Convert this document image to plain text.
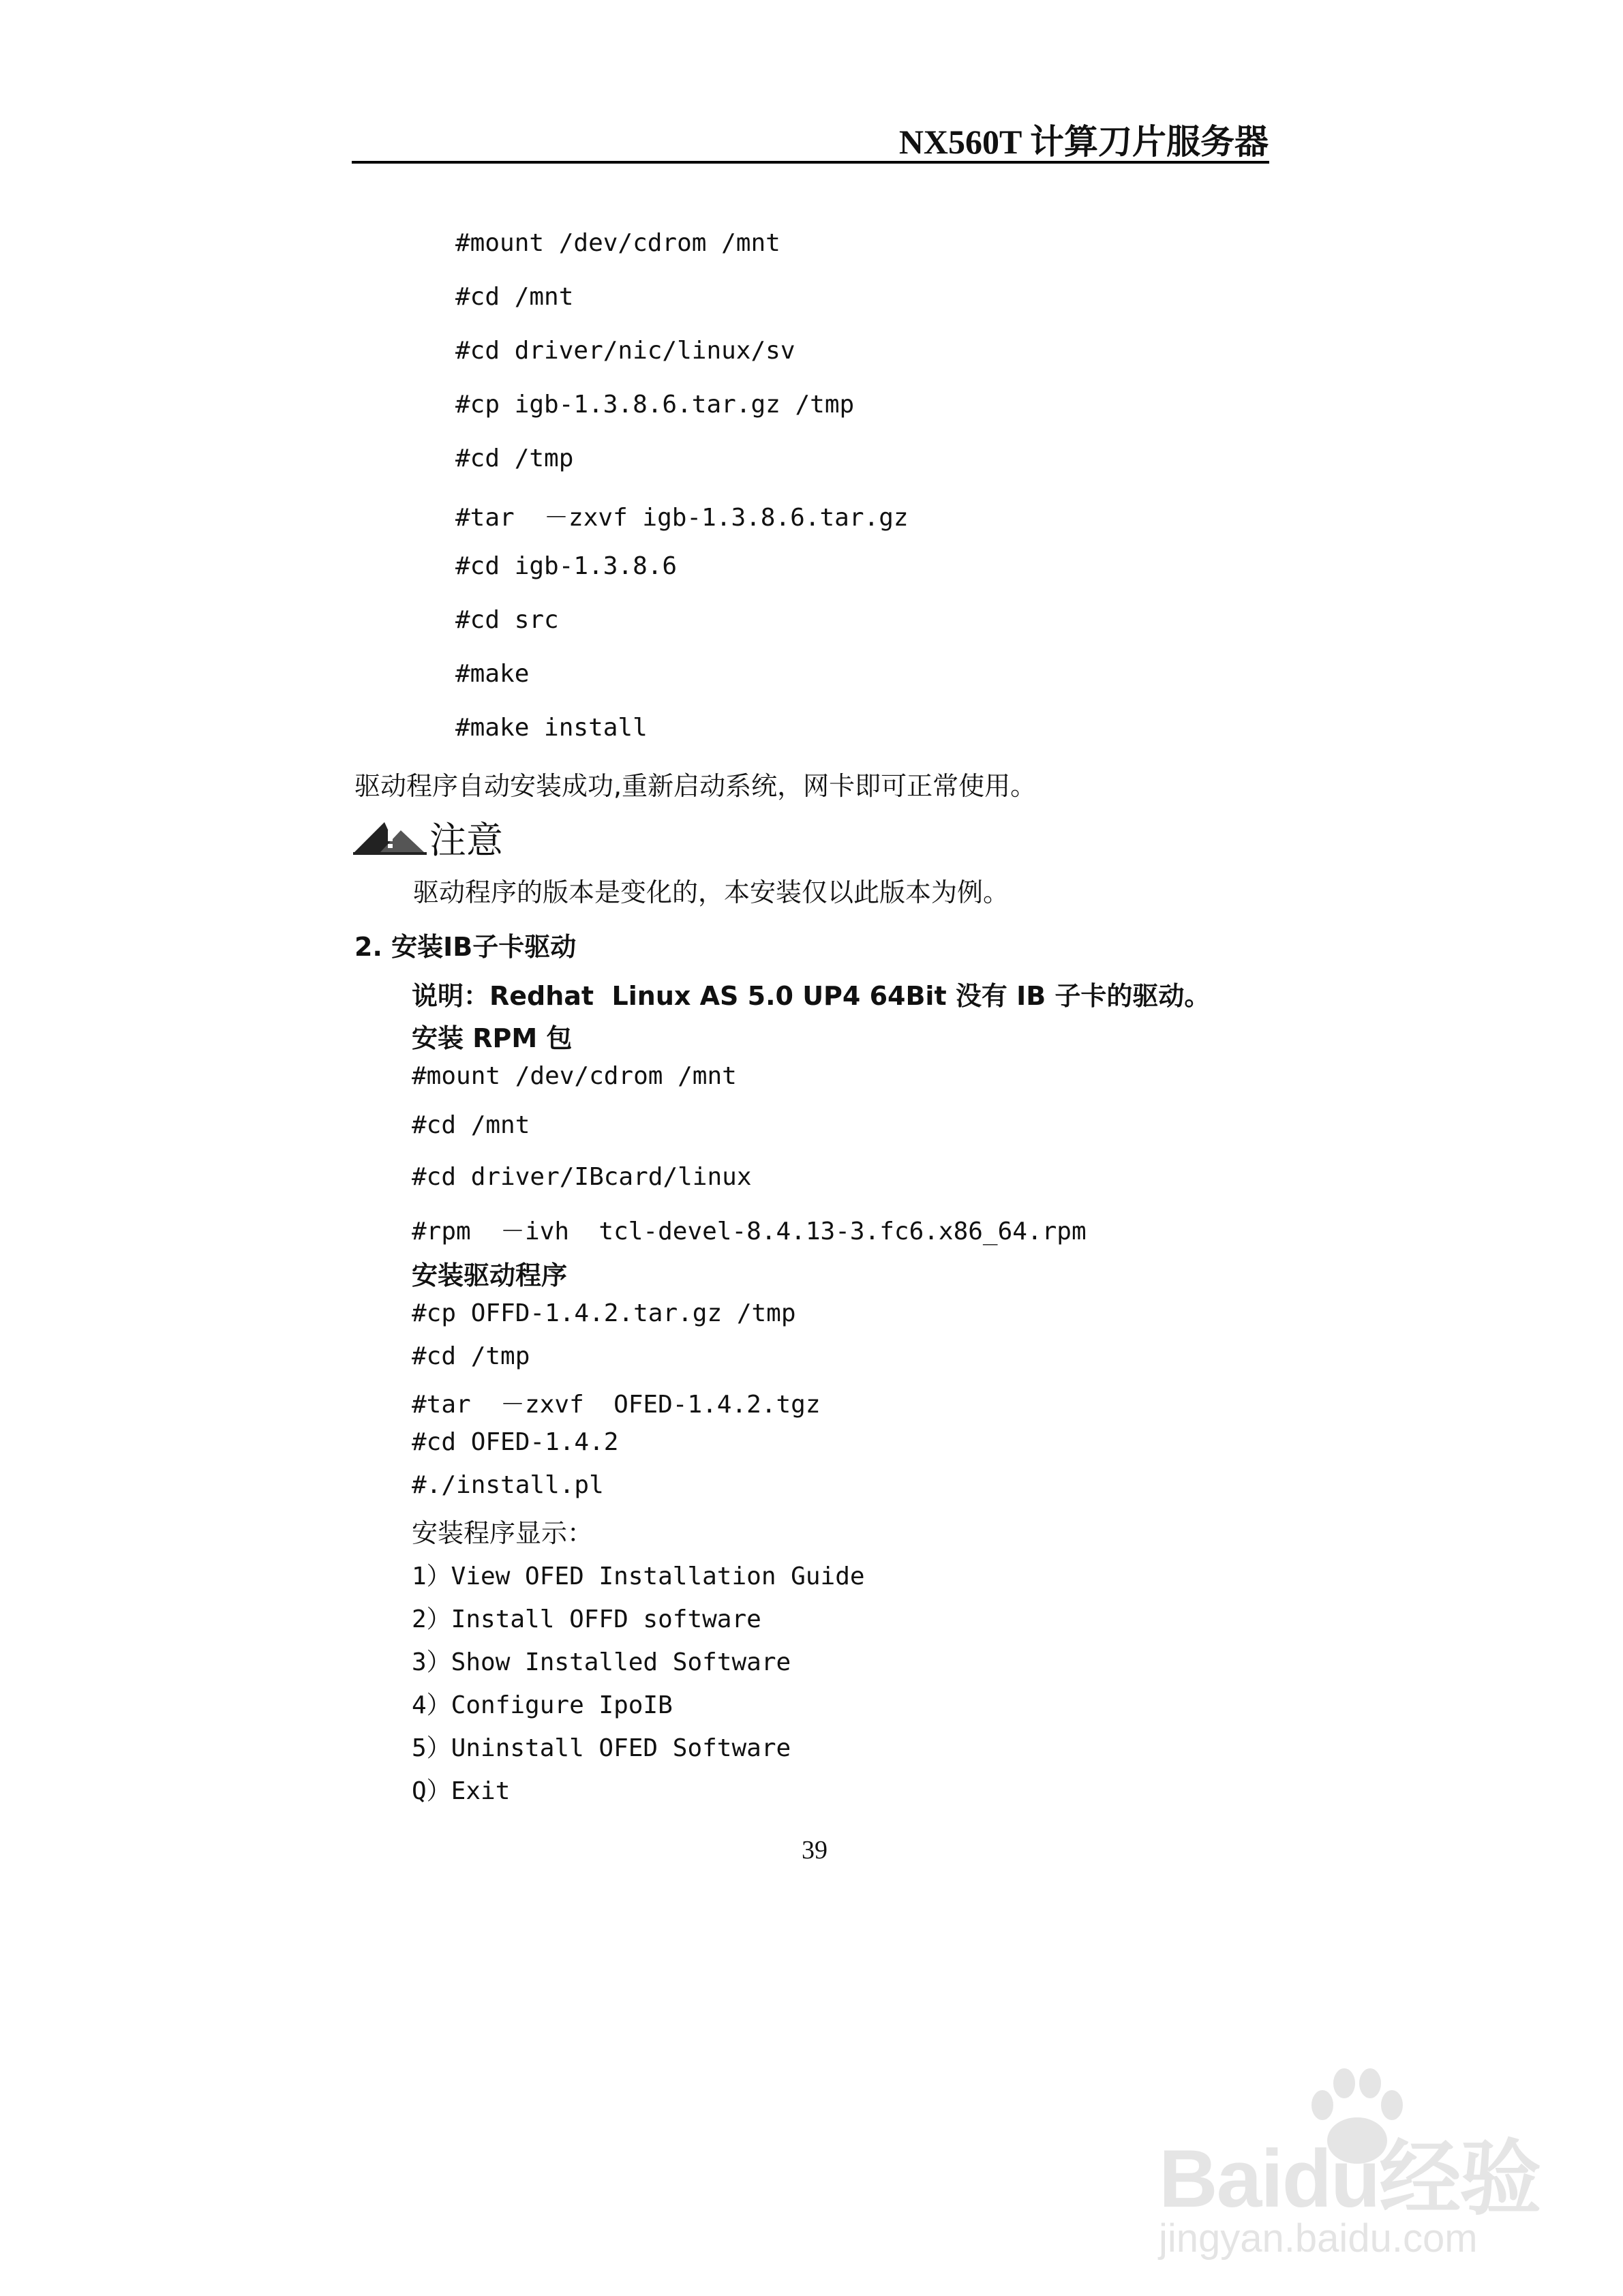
NX560T 计算刀片服务器
#mount /dev/cdrom /mnt
#cd /mnt
#cd driver/nic/linux/sv
#cp igb-1.3.8.6.tar.gz /tmp
#cd /tmp
#tar  －zxvf igb-1.3.8.6.tar.gz
#cd igb-1.3.8.6
#cd src
#make
#make install
驱动程序自动安装成功,重新启动系统，网卡即可正常使用。
注意
驱动程序的版本是变化的，本安装仅以此版本为例。
2. 安装IB子卡驱动
说明：Redhat  Linux AS 5.0 UP4 64Bit 没有 IB 子卡的驱动。
安装 RPM 包
#mount /dev/cdrom /mnt
#cd /mnt
#cd driver/IBcard/linux
#rpm  －ivh  tcl-devel-8.4.13-3.fc6.x86_64.rpm
安装驱动程序
#cp OFFD-1.4.2.tar.gz /tmp
#cd /tmp
#tar  －zxvf  OFED-1.4.2.tgz
#cd OFED-1.4.2
#./install.pl
安装程序显示：
1）View OFED Installation Guide
2）Install OFFD software
3）Show Installed Software
4）Configure IpoIB
5）Uninstall OFED Software
Q）Exit
39
Baidu经验
jingyan.baidu.com
